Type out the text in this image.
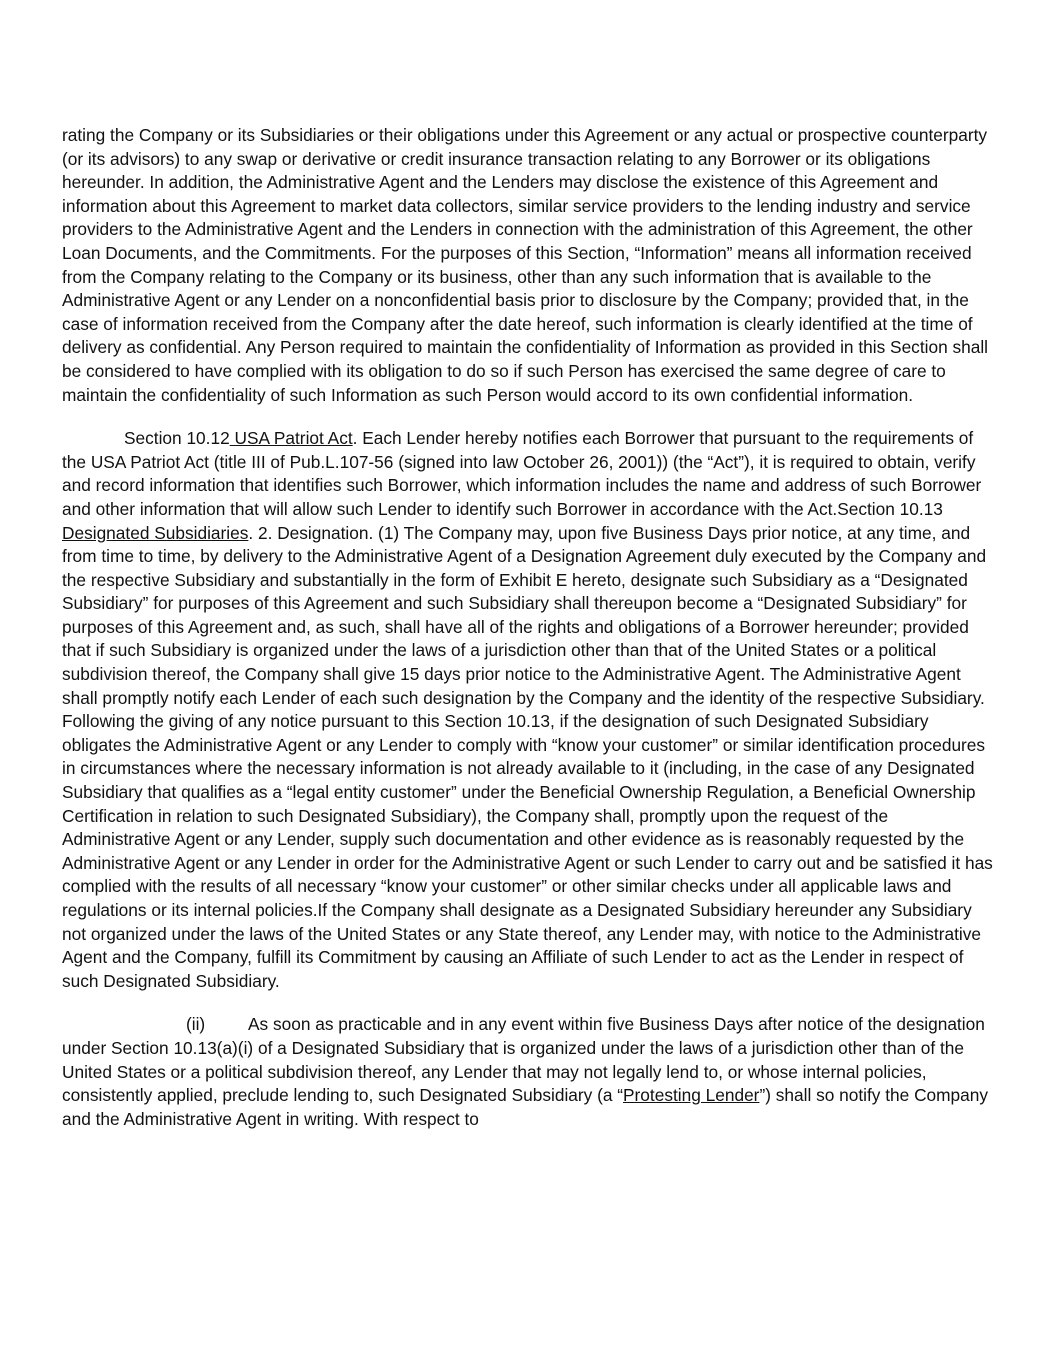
rating the Company or its Subsidiaries or their obligations under this Agreement or any actual or prospective counterparty (or its advisors) to any swap or derivative or credit insurance transaction relating to any Borrower or its obligations hereunder. In addition, the Administrative Agent and the Lenders may disclose the existence of this Agreement and information about this Agreement to market data collectors, similar service providers to the lending industry and service providers to the Administrative Agent and the Lenders in connection with the administration of this Agreement, the other Loan Documents, and the Commitments. For the purposes of this Section, “Information” means all information received from the Company relating to the Company or its business, other than any such information that is available to the Administrative Agent or any Lender on a nonconfidential basis prior to disclosure by the Company; provided that, in the case of information received from the Company after the date hereof, such information is clearly identified at the time of delivery as confidential. Any Person required to maintain the confidentiality of Information as provided in this Section shall be considered to have complied with its obligation to do so if such Person has exercised the same degree of care to maintain the confidentiality of such Information as such Person would accord to its own confidential information.

Section 10.12 USA Patriot Act. Each Lender hereby notifies each Borrower that pursuant to the requirements of the USA Patriot Act (title III of Pub.L.107-56 (signed into law October 26, 2001)) (the “Act”), it is required to obtain, verify and record information that identifies such Borrower, which information includes the name and address of such Borrower and other information that will allow such Lender to identify such Borrower in accordance with the Act.Section 10.13 Designated Subsidiaries. 2. Designation. (1) The Company may, upon five Business Days prior notice, at any time, and from time to time, by delivery to the Administrative Agent of a Designation Agreement duly executed by the Company and the respective Subsidiary and substantially in the form of Exhibit E hereto, designate such Subsidiary as a “Designated Subsidiary” for purposes of this Agreement and such Subsidiary shall thereupon become a “Designated Subsidiary” for purposes of this Agreement and, as such, shall have all of the rights and obligations of a Borrower hereunder; provided that if such Subsidiary is organized under the laws of a jurisdiction other than that of the United States or a political subdivision thereof, the Company shall give 15 days prior notice to the Administrative Agent. The Administrative Agent shall promptly notify each Lender of each such designation by the Company and the identity of the respective Subsidiary. Following the giving of any notice pursuant to this Section 10.13, if the designation of such Designated Subsidiary obligates the Administrative Agent or any Lender to comply with “know your customer” or similar identification procedures in circumstances where the necessary information is not already available to it (including, in the case of any Designated Subsidiary that qualifies as a “legal entity customer” under the Beneficial Ownership Regulation, a Beneficial Ownership Certification in relation to such Designated Subsidiary), the Company shall, promptly upon the request of the Administrative Agent or any Lender, supply such documentation and other evidence as is reasonably requested by the Administrative Agent or any Lender in order for the Administrative Agent or such Lender to carry out and be satisfied it has complied with the results of all necessary “know your customer” or other similar checks under all applicable laws and regulations or its internal policies.If the Company shall designate as a Designated Subsidiary hereunder any Subsidiary not organized under the laws of the United States or any State thereof, any Lender may, with notice to the Administrative Agent and the Company, fulfill its Commitment by causing an Affiliate of such Lender to act as the Lender in respect of such Designated Subsidiary.

(ii) As soon as practicable and in any event within five Business Days after notice of the designation under Section 10.13(a)(i) of a Designated Subsidiary that is organized under the laws of a jurisdiction other than of the United States or a political subdivision thereof, any Lender that may not legally lend to, or whose internal policies, consistently applied, preclude lending to, such Designated Subsidiary (a “Protesting Lender”) shall so notify the Company and the Administrative Agent in writing. With respect to
